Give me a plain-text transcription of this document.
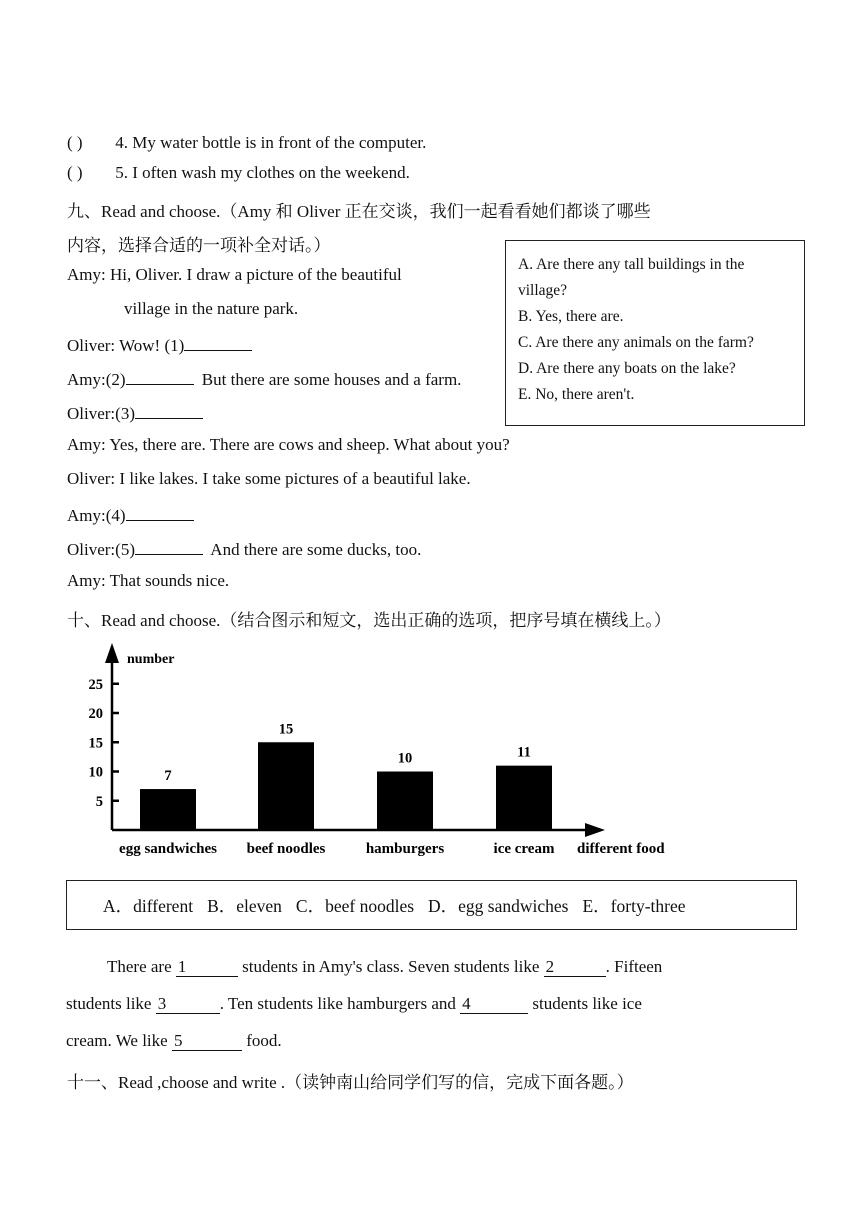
( ) 4. My water bottle is in front of the computer.
( ) 5. I often wash my clothes on the weekend.
九、Read and choose.（Amy 和 Oliver 正在交谈，我们一起看看她们都谈了哪些
内容，选择合适的一项补全对话。）
Amy: Hi, Oliver. I draw a picture of the beautiful
village in the nature park.
Oliver: Wow! (1)
Amy:(2)	But there are some houses and a farm.
Oliver:(3)
Amy: Yes, there are. There are cows and sheep. What about you?
Oliver: I like lakes. I take some pictures of a beautiful lake.
Amy:(4)
Oliver:(5)	And there are some ducks, too.
Amy: That sounds nice.
A. Are there any tall buildings in the
village?
B. Yes, there are.
C. Are there any animals on the farm?
D. Are there any boats on the lake?
E. No, there aren't.
十、Read and choose.（结合图示和短文，选出正确的选项，把序号填在横线上。）
number
different food
5
10
15
20
25
7
egg sandwiches
15
beef noodles
10
hamburgers
11
ice cream
A．different B．eleven C．beef noodles D．egg sandwiches E．forty-three
There are 1	students in Amy's class. Seven students like 2	. Fifteen
students like 3	. Ten students like hamburgers and 4	students like ice
cream. We like 5	food.
十一、Read ,choose and write .（读钟南山给同学们写的信，完成下面各题。）
